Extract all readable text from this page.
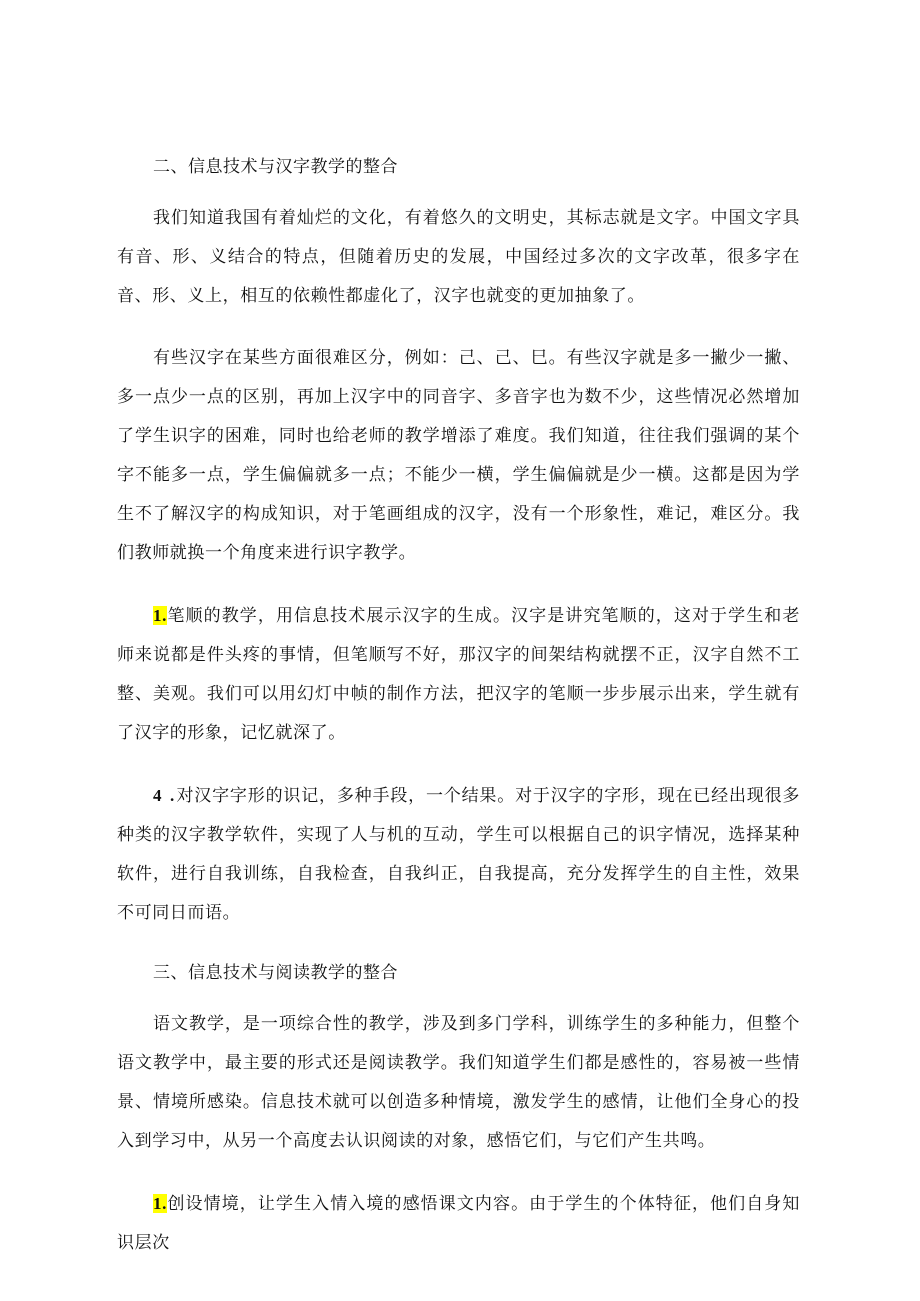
二、信息技术与汉字教学的整合

我们知道我国有着灿烂的文化，有着悠久的文明史，其标志就是文字。中国文字具有音、形、义结合的特点，但随着历史的发展，中国经过多次的文字改革，很多字在音、形、义上，相互的依赖性都虚化了，汉字也就变的更加抽象了。

有些汉字在某些方面很难区分，例如：己、己、巳。有些汉字就是多一撇少一撇、多一点少一点的区别，再加上汉字中的同音字、多音字也为数不少，这些情况必然增加了学生识字的困难，同时也给老师的教学增添了难度。我们知道，往往我们强调的某个字不能多一点，学生偏偏就多一点；不能少一横，学生偏偏就是少一横。这都是因为学生不了解汉字的构成知识，对于笔画组成的汉字，没有一个形象性，难记，难区分。我们教师就换一个角度来进行识字教学。

1.笔顺的教学，用信息技术展示汉字的生成。汉字是讲究笔顺的，这对于学生和老师来说都是件头疼的事情，但笔顺写不好，那汉字的间架结构就摆不正，汉字自然不工整、美观。我们可以用幻灯中帧的制作方法，把汉字的笔顺一步步展示出来，学生就有了汉字的形象，记忆就深了。

4 .对汉字字形的识记，多种手段，一个结果。对于汉字的字形，现在已经出现很多种类的汉字教学软件，实现了人与机的互动，学生可以根据自己的识字情况，选择某种软件，进行自我训练，自我检查，自我纠正，自我提高，充分发挥学生的自主性，效果不可同日而语。

三、信息技术与阅读教学的整合

语文教学，是一项综合性的教学，涉及到多门学科，训练学生的多种能力，但整个语文教学中，最主要的形式还是阅读教学。我们知道学生们都是感性的，容易被一些情景、情境所感染。信息技术就可以创造多种情境，激发学生的感情，让他们全身心的投入到学习中，从另一个高度去认识阅读的对象，感悟它们，与它们产生共鸣。

1.创设情境，让学生入情入境的感悟课文内容。由于学生的个体特征，他们自身知识层次
